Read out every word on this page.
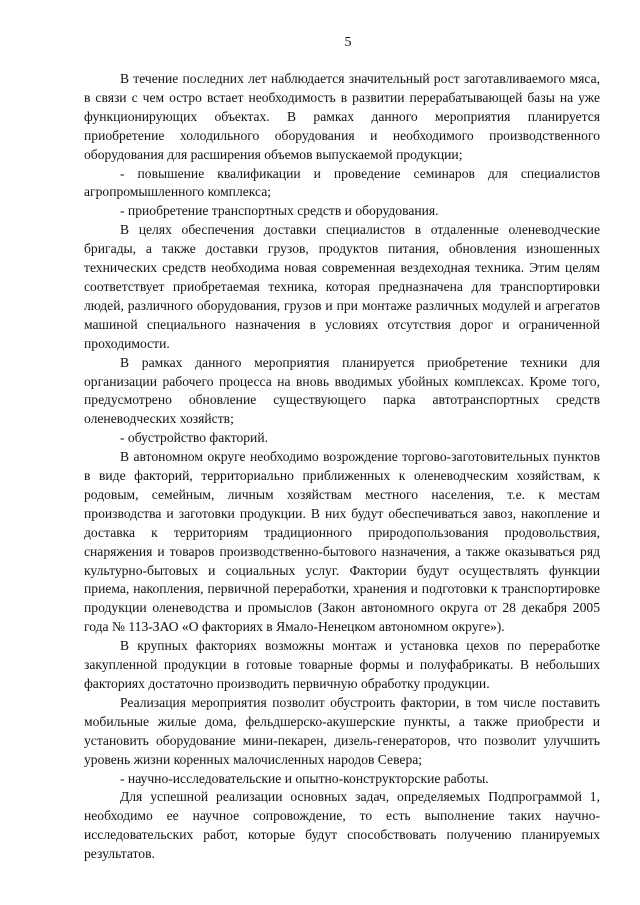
5

В течение последних лет наблюдается значительный рост заготавливаемого мяса, в связи с чем остро встает необходимость в развитии перерабатывающей базы на уже функционирующих объектах. В рамках данного мероприятия планируется приобретение холодильного оборудования и необходимого производственного оборудования для расширения объемов выпускаемой продукции;

- повышение квалификации и проведение семинаров для специалистов агропромышленного комплекса;

- приобретение транспортных средств и оборудования.

В целях обеспечения доставки специалистов в отдаленные оленеводческие бригады, а также доставки грузов, продуктов питания, обновления изношенных технических средств необходима новая современная вездеходная техника. Этим целям соответствует приобретаемая техника, которая предназначена для транспортировки людей, различного оборудования, грузов и при монтаже различных модулей и агрегатов машиной специального назначения в условиях отсутствия дорог и ограниченной проходимости.

В рамках данного мероприятия планируется приобретение техники для организации рабочего процесса на вновь вводимых убойных комплексах. Кроме того, предусмотрено обновление существующего парка автотранспортных средств оленеводческих хозяйств;

- обустройство факторий.

В автономном округе необходимо возрождение торгово-заготовительных пунктов в виде факторий, территориально приближенных к оленеводческим хозяйствам, к родовым, семейным, личным хозяйствам местного населения, т.е. к местам производства и заготовки продукции. В них будут обеспечиваться завоз, накопление и доставка к территориям традиционного природопользования продовольствия, снаряжения и товаров производственно-бытового назначения, а также оказываться ряд культурно-бытовых и социальных услуг. Фактории будут осуществлять функции приема, накопления, первичной переработки, хранения и подготовки к транспортировке продукции оленеводства и промыслов (Закон автономного округа от 28 декабря 2005 года № 113-ЗАО «О факториях в Ямало-Ненецком автономном округе»).

В крупных факториях возможны монтаж и установка цехов по переработке закупленной продукции в готовые товарные формы и полуфабрикаты. В небольших факториях достаточно производить первичную обработку продукции.

Реализация мероприятия позволит обустроить фактории, в том числе поставить мобильные жилые дома, фельдшерско-акушерские пункты, а также приобрести и установить оборудование мини-пекарен, дизель-генераторов, что позволит улучшить уровень жизни коренных малочисленных народов Севера;

- научно-исследовательские и опытно-конструкторские работы.

Для успешной реализации основных задач, определяемых Подпрограммой 1, необходимо ее научное сопровождение, то есть выполнение таких научно-исследовательских работ, которые будут способствовать получению планируемых результатов.
